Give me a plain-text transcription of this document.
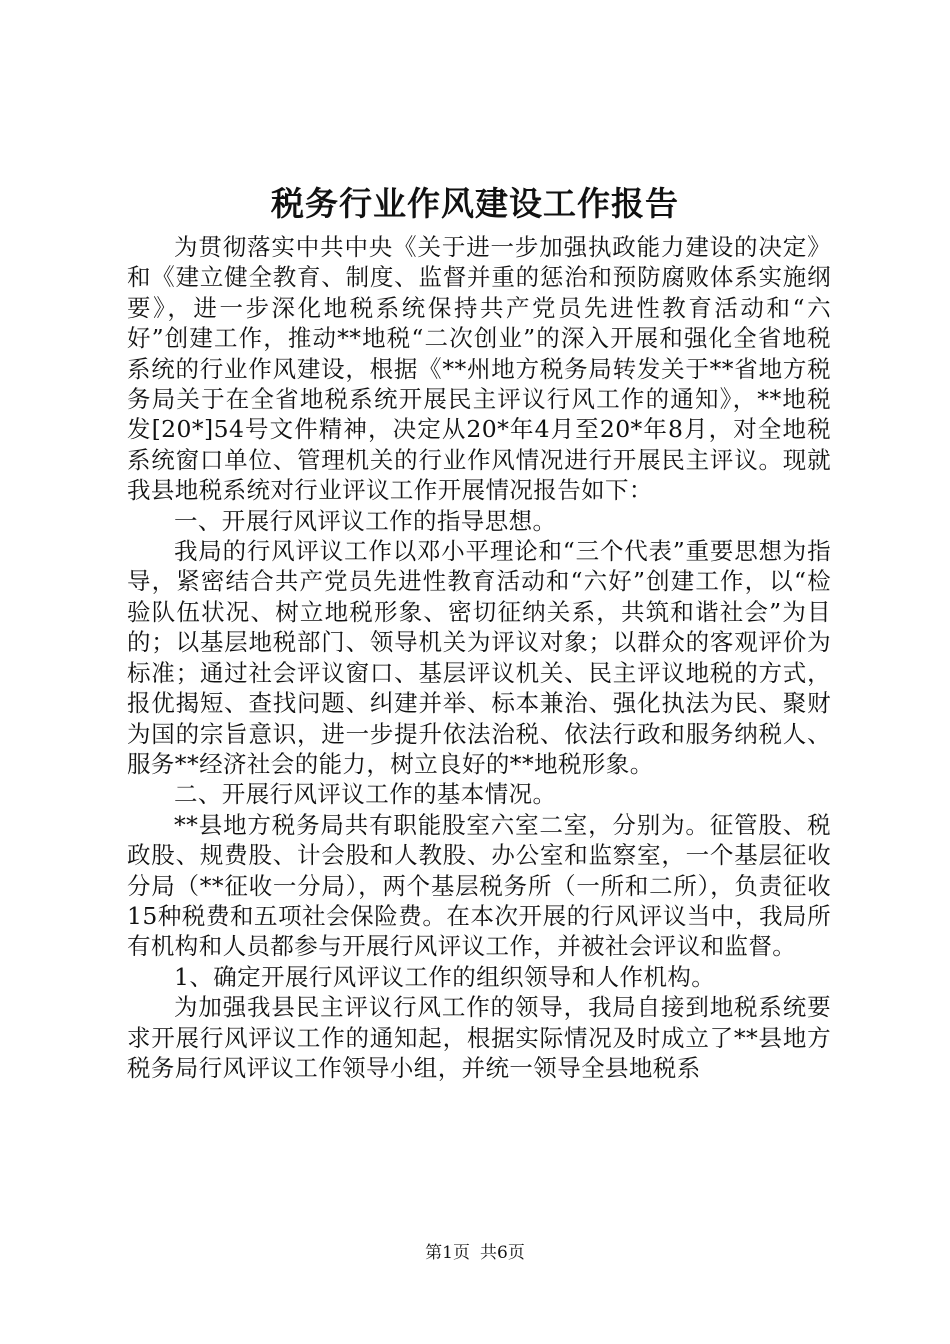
税务行业作风建设工作报告

为贯彻落实中共中央《关于进一步加强执政能力建设的决定》和《建立健全教育、制度、监督并重的惩治和预防腐败体系实施纲要》，进一步深化地税系统保持共产党员先进性教育活动和“六好”创建工作，推动**地税“二次创业”的深入开展和强化全省地税系统的行业作风建设，根据《**州地方税务局转发关于**省地方税务局关于在全省地税系统开展民主评议行风工作的通知》，**地税发[20*]54号文件精神，决定从20*年4月至20*年8月，对全地税系统窗口单位、管理机关的行业作风情况进行开展民主评议。现就我县地税系统对行业评议工作开展情况报告如下：

一、开展行风评议工作的指导思想。

我局的行风评议工作以邓小平理论和“三个代表”重要思想为指导，紧密结合共产党员先进性教育活动和“六好”创建工作，以“检验队伍状况、树立地税形象、密切征纳关系，共筑和谐社会”为目的；以基层地税部门、领导机关为评议对象；以群众的客观评价为标准；通过社会评议窗口、基层评议机关、民主评议地税的方式，报优揭短、查找问题、纠建并举、标本兼治、强化执法为民、聚财为国的宗旨意识，进一步提升依法治税、依法行政和服务纳税人、服务**经济社会的能力，树立良好的**地税形象。

二、开展行风评议工作的基本情况。

**县地方税务局共有职能股室六室二室，分别为。征管股、税政股、规费股、计会股和人教股、办公室和监察室，一个基层征收分局（**征收一分局），两个基层税务所（一所和二所），负责征收15种税费和五项社会保险费。在本次开展的行风评议当中，我局所有机构和人员都参与开展行风评议工作，并被社会评议和监督。

1、确定开展行风评议工作的组织领导和人作机构。

为加强我县民主评议行风工作的领导，我局自接到地税系统要求开展行风评议工作的通知起，根据实际情况及时成立了**县地方税务局行风评议工作领导小组，并统一领导全县地税系

第1页 共6页
